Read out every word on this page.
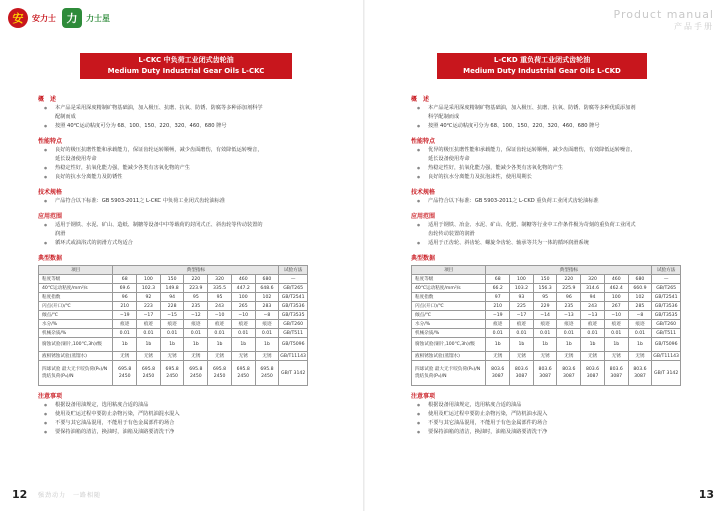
安	安力士 力	力士星	Product manual
产品手册
L-CKC 中负荷工业闭式齿轮油
Medium Duty Industrial Gear Oils L-CKC
L-CKD 重负荷工业闭式齿轮油
Medium Duty Industrial Gear Oils L-CKD
概　述
● 本产品是采用深度精制矿物基础油，加入极压、抗磨、抗氧、防锈、防腐等多种添加剂科学
配制而成
● 按照 40℃运动粘度可分为 68、100、150、220、320、460、680 牌号
性能特点
● 良好的极压抗磨性能和承载能力，保证齿轮运转顺畅，减少齿面磨伤，有效降低运转噪音，
延长设备使用寿命
● 热稳定性好，抗氧化能力强，能减少各类有害氧化物的产生
● 良好的抗水分离能力及防锈性
技术规格
● 产品符合以下标准：GB 5903-2011之 L-CKC 中负荷工业闭式齿轮油标准
应用范围
● 适用于钢铁、水泥、矿山、造纸、制糖等设备中中等载荷的封闭式正、斜齿轮等传动装置的
润滑
● 循环式或油浴式的润滑方式均适合
典型数据
项目	典型指标							试验方法
粘度等级	68	100	150	220	320	460	680	—
40℃运动粘度/mm²/s	69.6	102.3	149.8	223.9	335.5	447.2	648.6	GB/T265
粘度指数	96	92	94	95	95	100	102	GB/T2541
闪点(开口)/℃	210	223	228	235	243	265	283	GB/T3536
倾点/℃	−19	−17	−15	−12	−10	−10	−8	GB/T3535
水分/%	痕迹	痕迹	痕迹	痕迹	痕迹	痕迹	痕迹	GB/T260
机械杂质/%	0.01	0.01	0.01	0.01	0.01	0.01	0.01	GB/T511
腐蚀试验(铜片,100℃,3h)/级	1b	1b	1b	1b	1b	1b	1b	GB/T5096
液相锈蚀试验(蒸馏水)	无锈	无锈	无锈	无锈	无锈	无锈	无锈	GB/T11143
四球试验 最大无卡咬负荷(P₀)/N 烧结负荷(P₀)/N	695.8 2450	695.8 2450	695.8 2450	695.8 2450	695.8 2450	695.8 2450	695.8 2450	GB/T 3142
注意事项
● 根据设备用油规定，选用粘度合适的油品
● 使用及贮运过程中要防止杂物污染，严防机油混水混入
● 不要与其它油品混用，不能用于有色金属部件的场合
● 要保持油箱的清洁，换油时，油箱及油路要清洗干净
概　述
● 本产品是采用深度精制矿物基础油，加入极压、抗磨、抗氧、防锈、防腐等多种优质添加剂
科学配制而成
● 按照 40℃运动粘度可分为 68、100、150、220、320、460、680 牌号
性能特点
● 优异的极压抗磨性能和承载能力，保证齿轮运转顺畅，减少齿面磨伤，有效降低运转噪音，
延长设备使用寿命
● 热稳定性好，抗氧化能力强，能减少各类有害氧化物的产生
● 良好的抗水分离能力及抗泡沫性，使用周期长
技术规格
● 产品符合以下标准：GB 5903-2011之 L-CKD 重负荷工业闭式齿轮油标准
应用范围
● 适用于钢铁、冶金、水泥、矿山、化肥、制糖等行业中工作条件极为苛刻的重负荷工业闭式
齿轮传动装置的润滑
● 适用于正齿轮、斜齿轮、螺旋伞齿轮、轴承等共为一体的循环润滑系统
典型数据
项目	典型指标							试验方法
粘度等级	68	100	150	220	320	460	680	—
40℃运动粘度/mm²/s	66.2	103.2	156.3	225.9	314.6	462.4	660.9	GB/T265
粘度指数	97	93	95	96	94	100	102	GB/T2541
闪点(开口)/℃	210	225	229	235	243	267	285	GB/T3536
倾点/℃	−19	−17	−14	−13	−13	−10	−8	GB/T3535
水分/%	痕迹	痕迹	痕迹	痕迹	痕迹	痕迹	痕迹	GB/T260
机械杂质/%	0.01	0.01	0.01	0.01	0.01	0.01	0.01	GB/T511
腐蚀试验(铜片,100℃,3h)/级	1b	1b	1b	1b	1b	1b	1b	GB/T5096
液相锈蚀试验(蒸馏水)	无锈	无锈	无锈	无锈	无锈	无锈	无锈	GB/T11143
四球试验 最大无卡咬负荷(P₀)/N 烧结负荷(P₀)/N	803.6 3087	803.6 3087	803.6 3087	803.6 3087	803.6 3087	803.6 3087	803.6 3087	GB/T 3142
注意事项
● 根据设备用油规定，选用粘度合适的油品
● 使用及贮运过程中要防止杂物污染，严防机油水混入
● 不要与其它油品混用，不能用于有色金属部件的场合
● 要保持油箱的清洁，换油时，油箱及油路要清洗干净
12 强劲动力　一路相随	13
